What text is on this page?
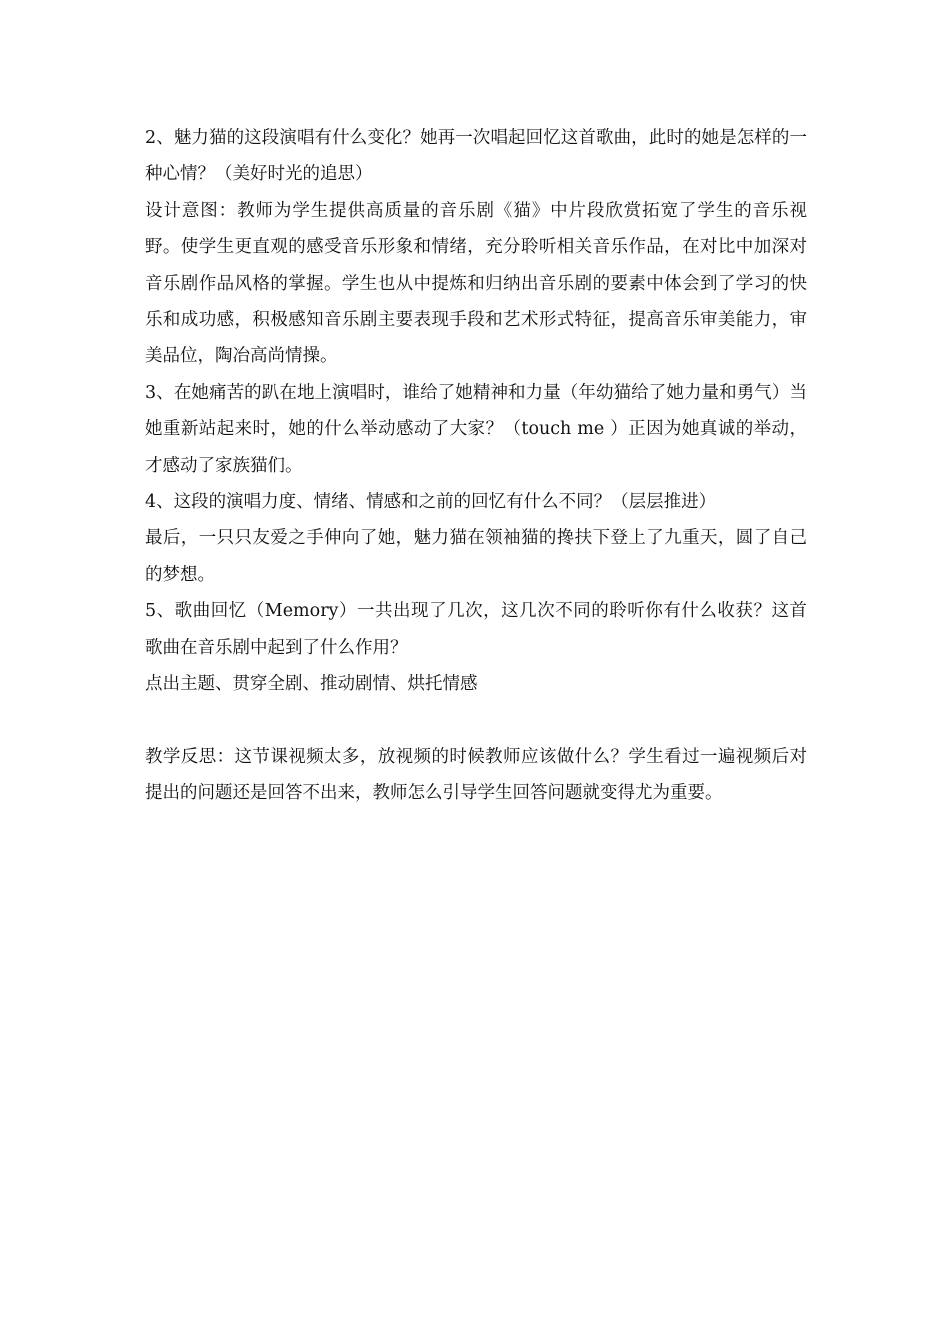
2、魅力猫的这段演唱有什么变化？她再一次唱起回忆这首歌曲，此时的她是怎样的一种心情？（美好时光的追思）

设计意图：教师为学生提供高质量的音乐剧《猫》中片段欣赏拓宽了学生的音乐视野。使学生更直观的感受音乐形象和情绪，充分聆听相关音乐作品，在对比中加深对音乐剧作品风格的掌握。学生也从中提炼和归纳出音乐剧的要素中体会到了学习的快乐和成功感，积极感知音乐剧主要表现手段和艺术形式特征，提高音乐审美能力，审美品位，陶冶高尚情操。

3、在她痛苦的趴在地上演唱时，谁给了她精神和力量（年幼猫给了她力量和勇气）当她重新站起来时，她的什么举动感动了大家？（touch me ）正因为她真诚的举动，才感动了家族猫们。

4、这段的演唱力度、情绪、情感和之前的回忆有什么不同？（层层推进）

最后，一只只友爱之手伸向了她，魅力猫在领袖猫的搀扶下登上了九重天，圆了自己的梦想。

5、歌曲回忆（Memory）一共出现了几次，这几次不同的聆听你有什么收获？这首歌曲在音乐剧中起到了什么作用？

点出主题、贯穿全剧、推动剧情、烘托情感

教学反思：这节课视频太多，放视频的时候教师应该做什么？学生看过一遍视频后对提出的问题还是回答不出来，教师怎么引导学生回答问题就变得尤为重要。
